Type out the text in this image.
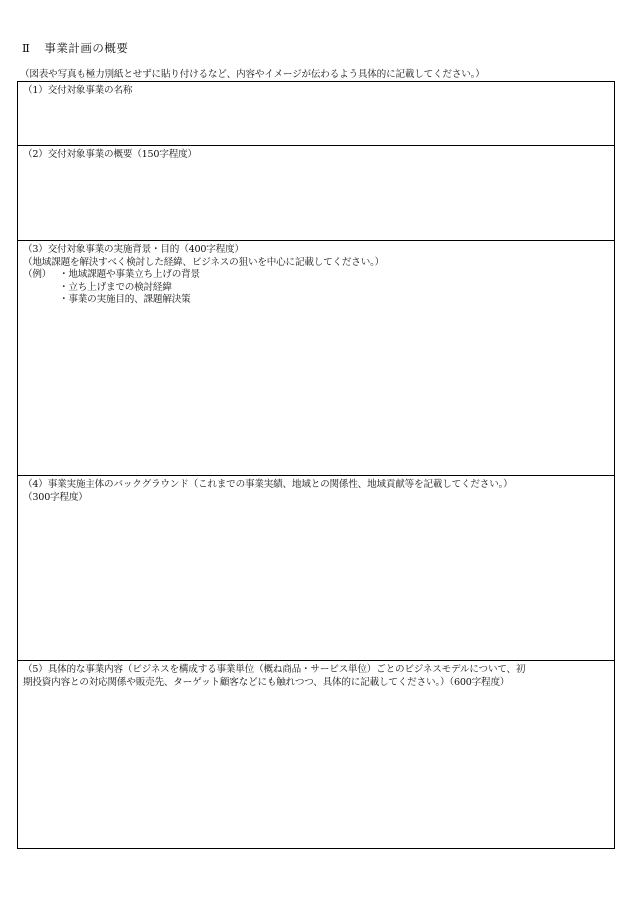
Ⅱ 事業計画の概要
（図表や写真も極力別紙とせずに貼り付けるなど、内容やイメージが伝わるよう具体的に記載してください。）
（1）交付対象事業の名称
（2）交付対象事業の概要（150字程度）
（3）交付対象事業の実施背景・目的（400字程度）
（地域課題を解決すべく検討した経緯、ビジネスの狙いを中心に記載してください。）
（例） ・地域課題や事業立ち上げの背景
・立ち上げまでの検討経緯
・事業の実施目的、課題解決策
（4）事業実施主体のバックグラウンド（これまでの事業実績、地域との関係性、地域貢献等を記載してください。）
（300字程度）
（5）具体的な事業内容（ビジネスを構成する事業単位（概ね商品・サービス単位）ごとのビジネスモデルについて、初
期投資内容との対応関係や販売先、ターゲット顧客などにも触れつつ、具体的に記載してください。）（600字程度）
